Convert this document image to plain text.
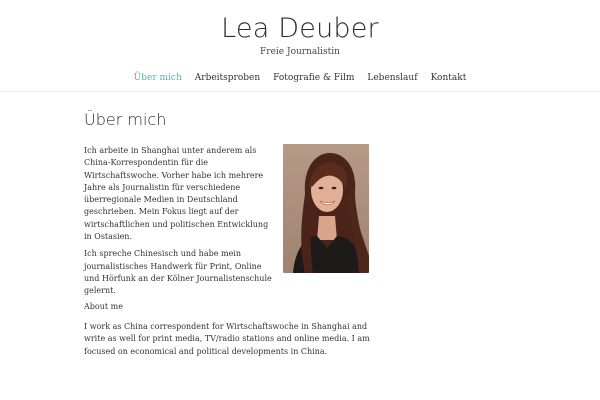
Lea Deuber
Freie Journalistin
Über mich Arbeitsproben Fotografie & Film Lebenslauf Kontakt
Über mich

Ich arbeite in Shanghai unter anderem als China-Korrespondentin für die Wirtschaftswoche. Vorher habe ich mehrere Jahre als Journalistin für verschiedene überregionale Medien in Deutschland geschrieben. Mein Fokus liegt auf der wirtschaftlichen und politischen Entwicklung in Ostasien.

Ich spreche Chinesisch und habe mein journalistisches Handwerk für Print, Online und Hörfunk an der Kölner Journalistenschule gelernt.

About me

I work as China correspondent for Wirtschaftswoche in Shanghai and write as well for print media, TV/radio stations and online media. I am focused on economical and political developments in China.
